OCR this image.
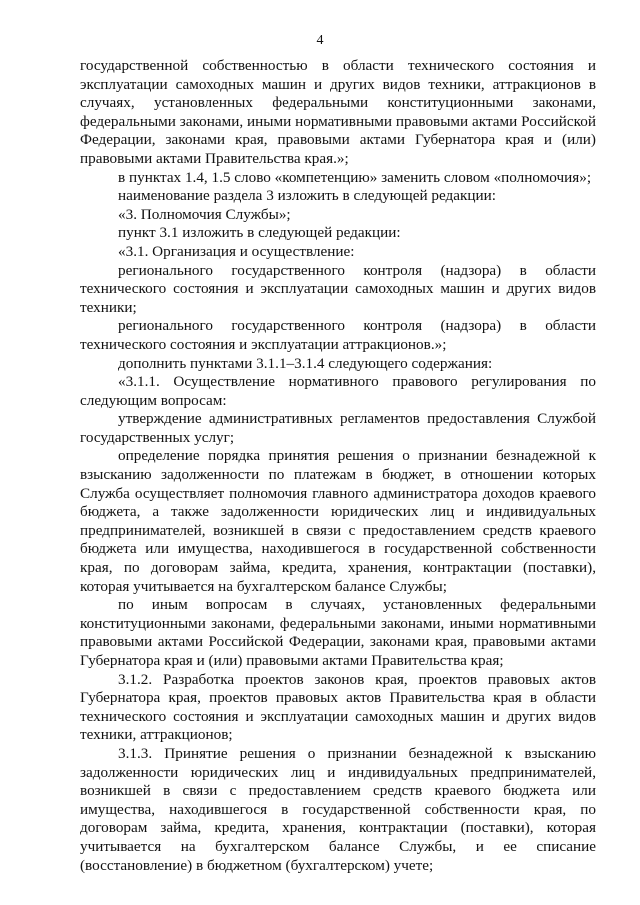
4

государственной собственностью в области технического состояния и эксплуатации самоходных машин и других видов техники, аттракционов в случаях, установленных федеральными конституционными законами, федеральными законами, иными нормативными правовыми актами Российской Федерации, законами края, правовыми актами Губернатора края и (или) правовыми актами Правительства края.»;

в пунктах 1.4, 1.5 слово «компетенцию» заменить словом «полномочия»;

наименование раздела 3 изложить в следующей редакции:

«3. Полномочия Службы»;

пункт 3.1 изложить в следующей редакции:

«3.1. Организация и осуществление:

регионального государственного контроля (надзора) в области технического состояния и эксплуатации самоходных машин и других видов техники;

регионального государственного контроля (надзора) в области технического состояния и эксплуатации аттракционов.»;

дополнить пунктами 3.1.1–3.1.4 следующего содержания:

«3.1.1. Осуществление нормативного правового регулирования по следующим вопросам:

утверждение административных регламентов предоставления Службой государственных услуг;

определение порядка принятия решения о признании безнадежной к взысканию задолженности по платежам в бюджет, в отношении которых Служба осуществляет полномочия главного администратора доходов краевого бюджета, а также задолженности юридических лиц и индивидуальных предпринимателей, возникшей в связи с предоставлением средств краевого бюджета или имущества, находившегося в государственной собственности края, по договорам займа, кредита, хранения, контрактации (поставки), которая учитывается на бухгалтерском балансе Службы;

по иным вопросам в случаях, установленных федеральными конституционными законами, федеральными законами, иными нормативными правовыми актами Российской Федерации, законами края, правовыми актами Губернатора края и (или) правовыми актами Правительства края;

3.1.2. Разработка проектов законов края, проектов правовых актов Губернатора края, проектов правовых актов Правительства края в области технического состояния и эксплуатации самоходных машин и других видов техники, аттракционов;

3.1.3. Принятие решения о признании безнадежной к взысканию задолженности юридических лиц и индивидуальных предпринимателей, возникшей в связи с предоставлением средств краевого бюджета или имущества, находившегося в государственной собственности края, по договорам займа, кредита, хранения, контрактации (поставки), которая учитывается на бухгалтерском балансе Службы, и ее списание (восстановление) в бюджетном (бухгалтерском) учете;
